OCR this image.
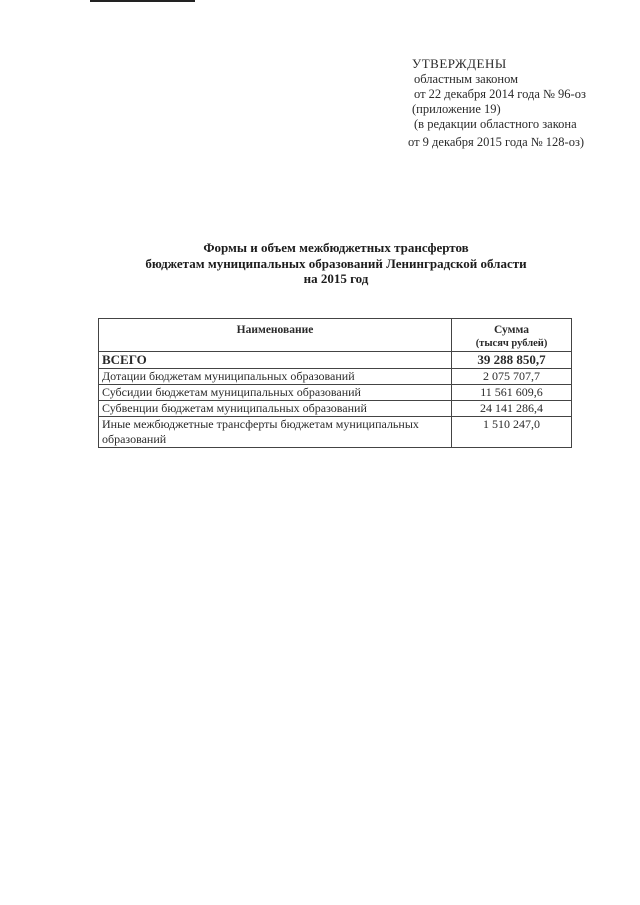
УТВЕРЖДЕНЫ
областным законом
от 22 декабря 2014 года № 96-оз
(приложение 19)
(в редакции областного закона
от 9 декабря 2015 года № 128-оз)
Формы и объем межбюджетных трансфертов
бюджетам муниципальных образований Ленинградской области
на 2015 год
Наименование	Сумма
(тысяч рублей)

ВСЕГО	39 288 850,7
Дотации бюджетам муниципальных образований	2 075 707,7
Субсидии бюджетам муниципальных образований	11 561 609,6
Субвенции бюджетам муниципальных образований	24 141 286,4
Иные межбюджетные трансферты бюджетам муниципальных образований	1 510 247,0
